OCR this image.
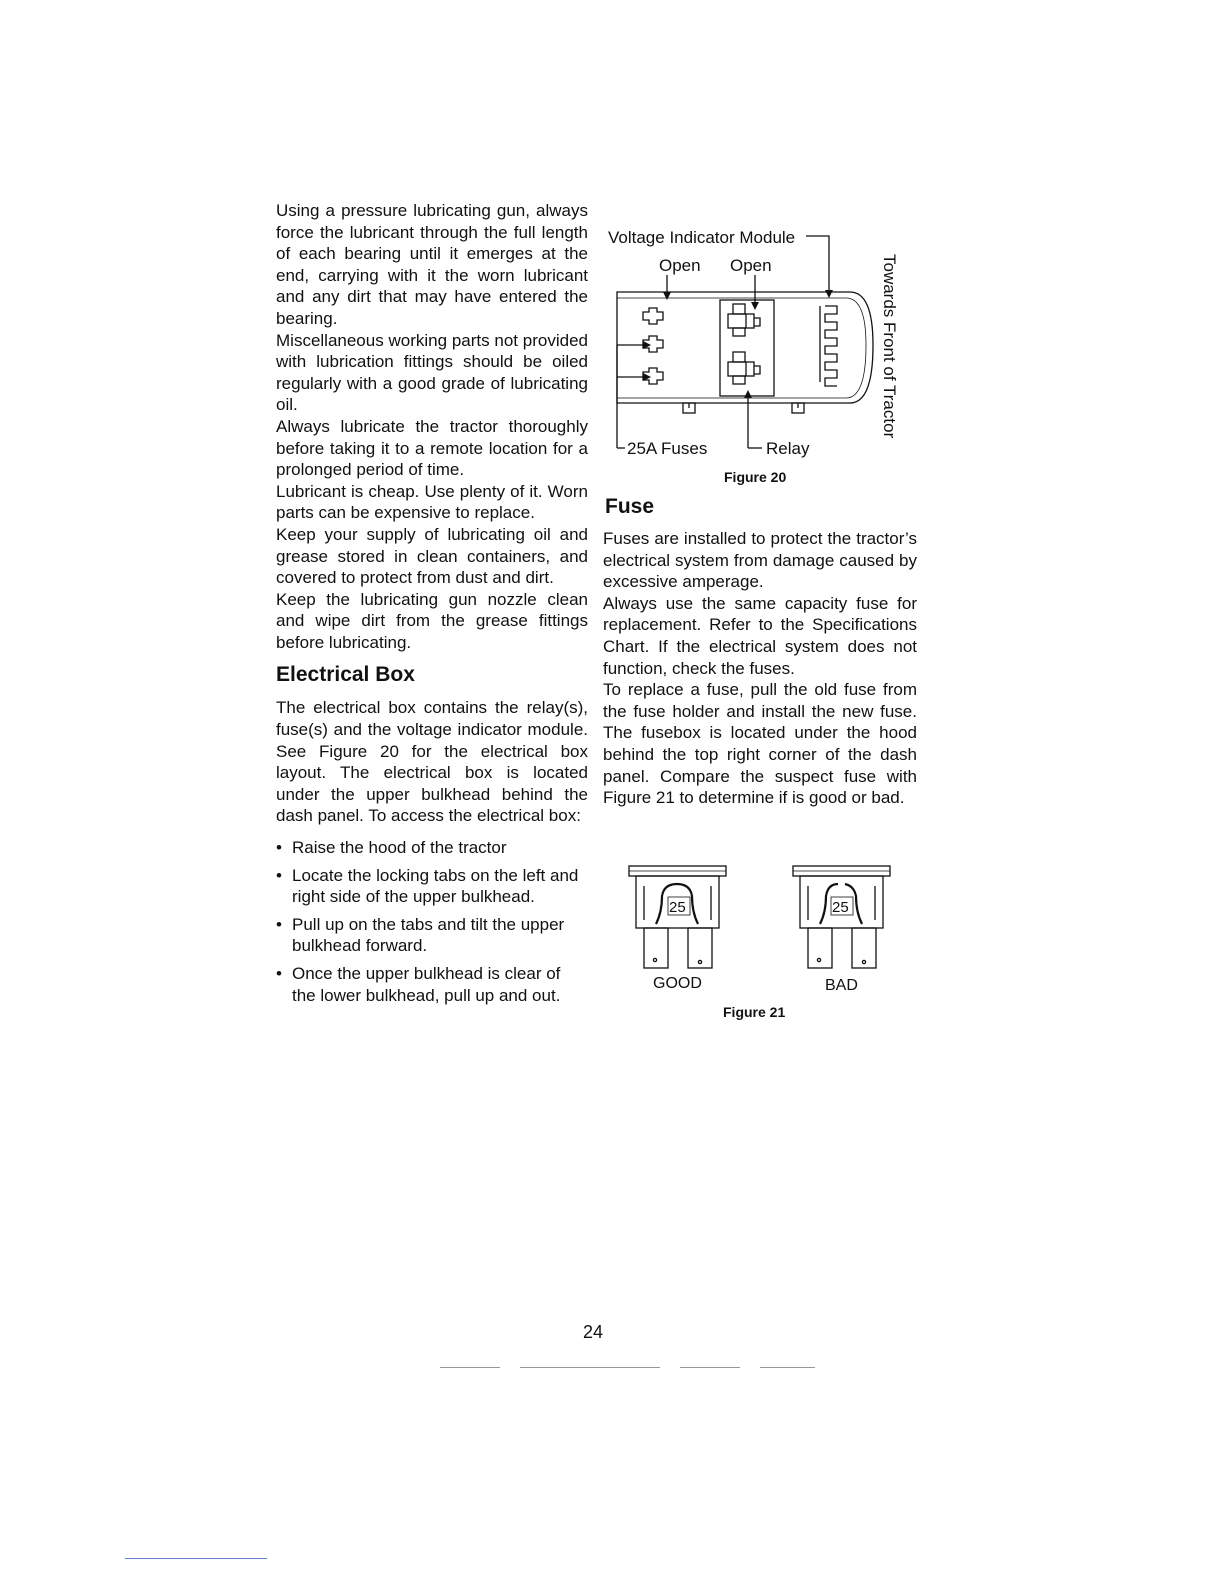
Using a pressure lubricating gun, always force the lubricant through the full length of each bearing until it emerges at the end, carrying with it the worn lubricant and any dirt that may have entered the bearing.

Miscellaneous working parts not provided with lubrication fittings should be oiled regularly with a good grade of lubricating oil.

Always lubricate the tractor thoroughly before taking it to a remote location for a prolonged period of time.

Lubricant is cheap. Use plenty of it. Worn parts can be expensive to replace.

Keep your supply of lubricating oil and grease stored in clean containers, and covered to protect from dust and dirt.

Keep the lubricating gun nozzle clean and wipe dirt from the grease fittings before lubricating.

Electrical Box

The electrical box contains the relay(s), fuse(s) and the voltage indicator module. See Figure 20 for the electrical box layout. The electrical box is located under the upper bulkhead behind the dash panel. To access the electrical box:

• Raise the hood of the tractor
• Locate the locking tabs on the left and right side of the upper bulkhead.
• Pull up on the tabs and tilt the upper bulkhead forward.
• Once the upper bulkhead is clear of the lower bulkhead, pull up and out.
Voltage Indicator Module
Open Open
25A Fuses	Relay
Towards Front of Tractor
Figure 20
Fuse

Fuses are installed to protect the tractor’s electrical system from damage caused by excessive amperage.

Always use the same capacity fuse for replacement. Refer to the Specifications Chart. If the electrical system does not function, check the fuses.

To replace a fuse, pull the old fuse from the fuse holder and install the new fuse. The fusebox is located under the hood behind the top right corner of the dash panel. Compare the suspect fuse with Figure 21 to determine if is good or bad.

25	25
GOOD	BAD
Figure 21
24
